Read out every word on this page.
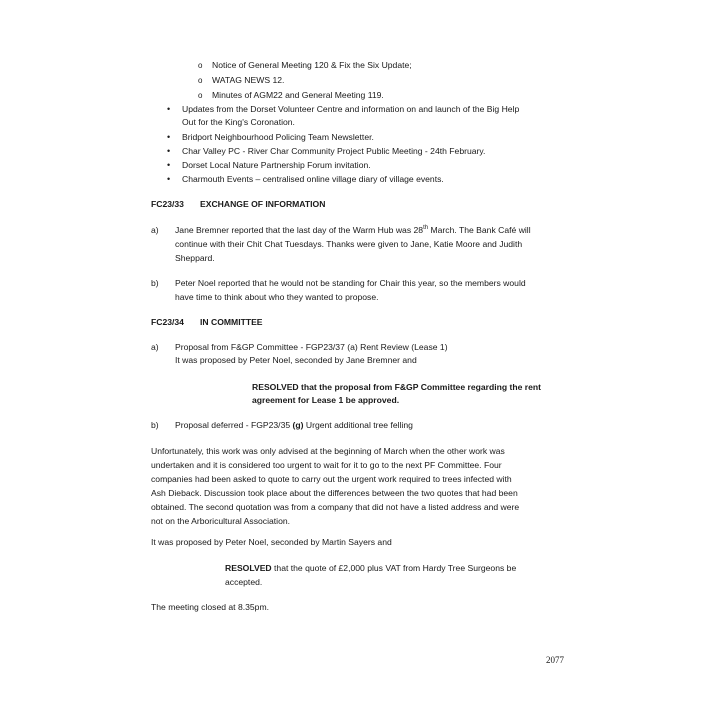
o Notice of General Meeting 120 & Fix the Six Update;
o WATAG NEWS 12.
o Minutes of AGM22 and General Meeting 119.
• Updates from the Dorset Volunteer Centre and information on and launch of the Big Help
Out for the King's Coronation.
• Bridport Neighbourhood Policing Team Newsletter.
• Char Valley PC - River Char Community Project Public Meeting - 24th February.
• Dorset Local Nature Partnership Forum invitation.
• Charmouth Events – centralised online village diary of village events.
FC23/33 EXCHANGE OF INFORMATION
a) Jane Bremner reported that the last day of the Warm Hub was 28th March. The Bank Café will
continue with their Chit Chat Tuesdays. Thanks were given to Jane, Katie Moore and Judith
Sheppard.
b) Peter Noel reported that he would not be standing for Chair this year, so the members would
have time to think about who they wanted to propose.
FC23/34 IN COMMITTEE
a) Proposal from F&GP Committee - FGP23/37 (a) Rent Review (Lease 1)
It was proposed by Peter Noel, seconded by Jane Bremner and
RESOLVED that the proposal from F&GP Committee regarding the rent
agreement for Lease 1 be approved.
b) Proposal deferred - FGP23/35 (g) Urgent additional tree felling
Unfortunately, this work was only advised at the beginning of March when the other work was
undertaken and it is considered too urgent to wait for it to go to the next PF Committee. Four
companies had been asked to quote to carry out the urgent work required to trees infected with
Ash Dieback. Discussion took place about the differences between the two quotes that had been
obtained. The second quotation was from a company that did not have a listed address and were
not on the Arboricultural Association.
It was proposed by Peter Noel, seconded by Martin Sayers and
RESOLVED that the quote of £2,000 plus VAT from Hardy Tree Surgeons be
accepted.
The meeting closed at 8.35pm.
2077
